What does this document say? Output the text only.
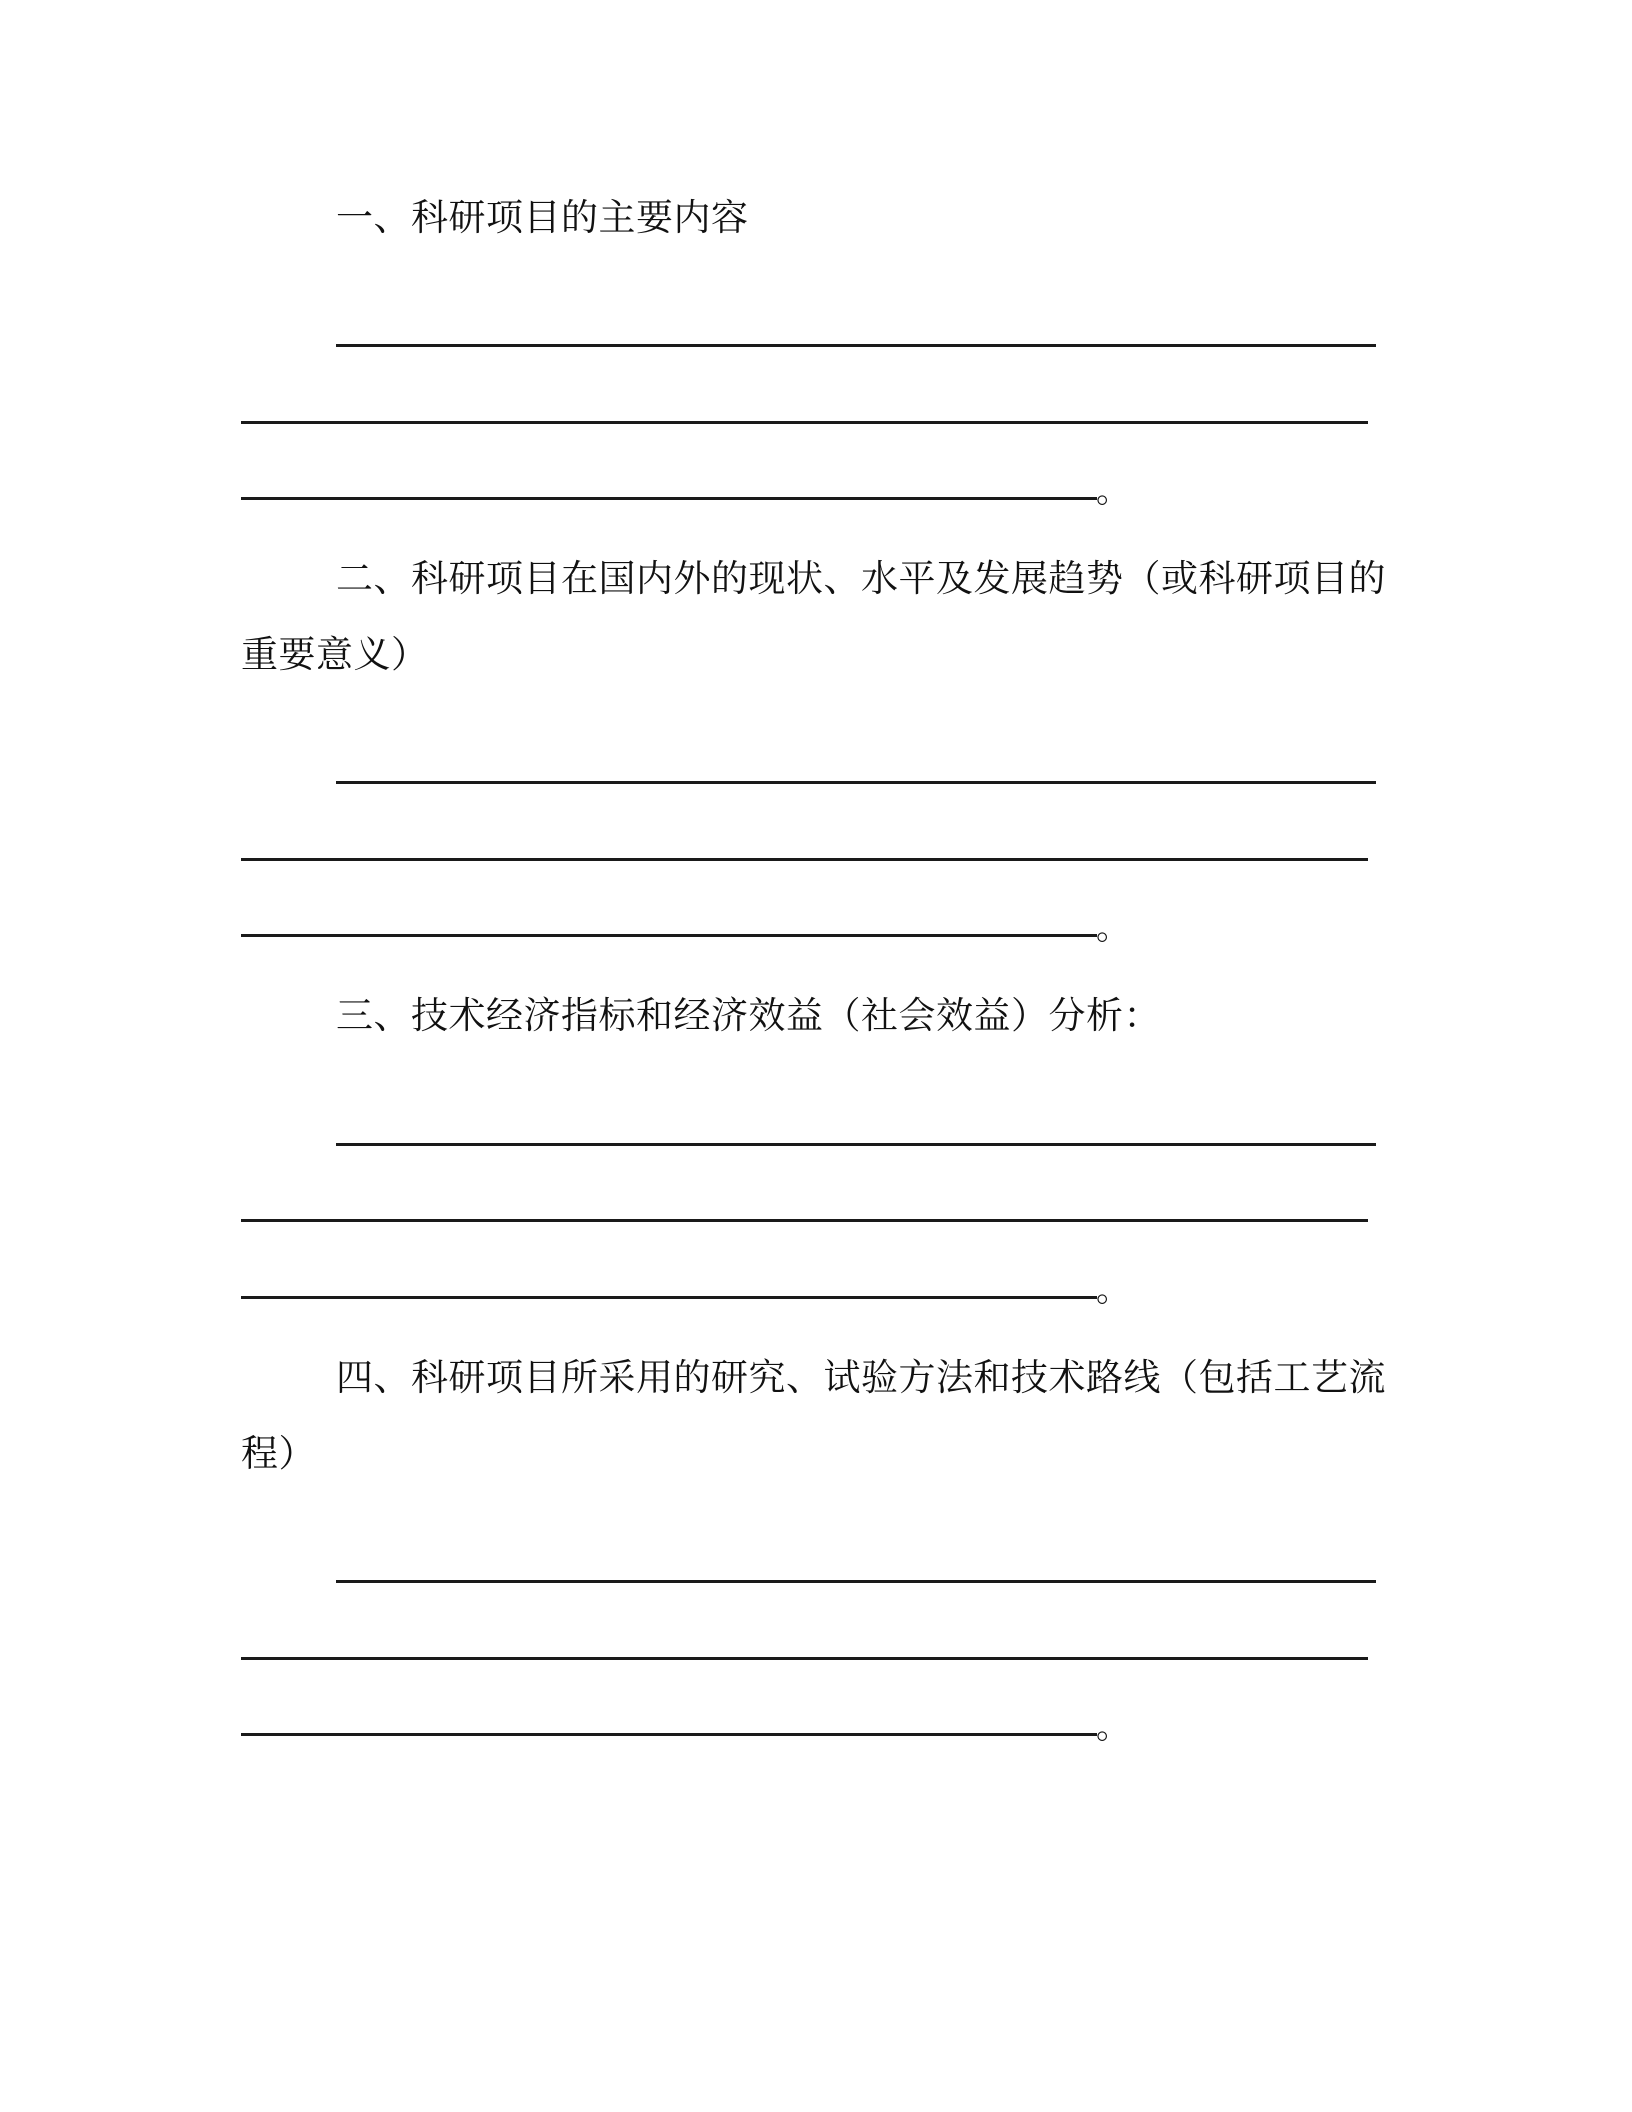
一、科研项目的主要内容
。
二、科研项目在国内外的现状、水平及发展趋势（或科研项目的
重要意义）
。
三、技术经济指标和经济效益（社会效益）分析：
。
四、科研项目所采用的研究、试验方法和技术路线（包括工艺流
程）
。
